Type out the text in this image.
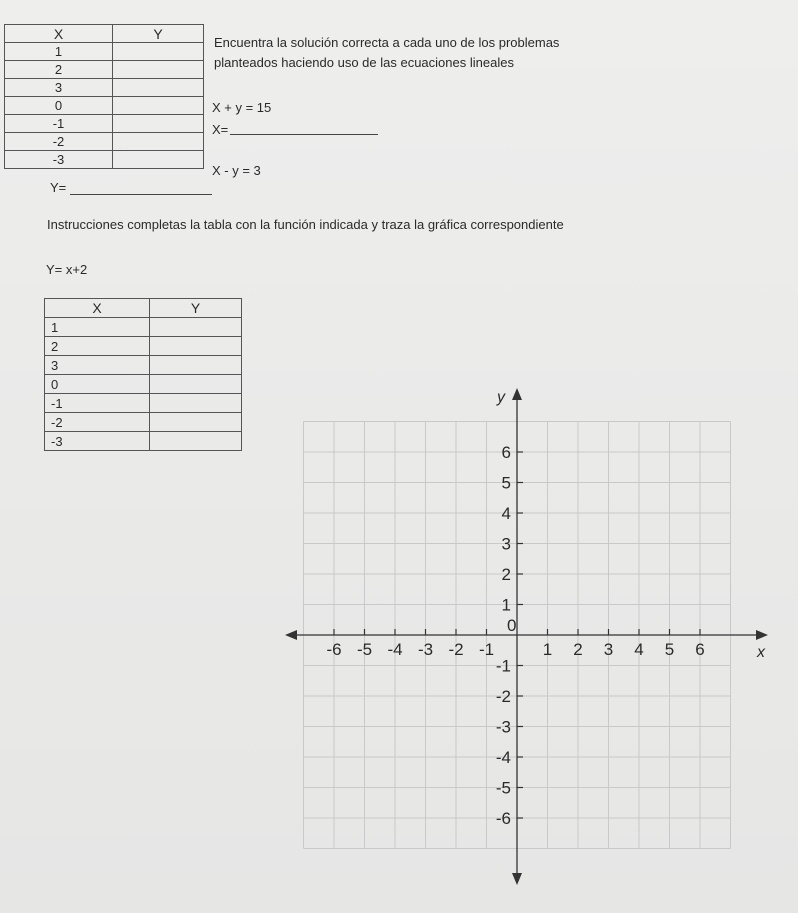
X	Y
1	
2	
3	
0	
-1	
-2	
-3	
Encuentra la solución correcta a cada uno de los problemas
planteados haciendo uso de las ecuaciones lineales
X + y = 15
X=
X - y = 3
Y=
Instrucciones completas la tabla con la función indicada y traza la gráfica correspondiente
Y= x+2
X	Y
1	
2	
3	
0	
-1	
-2	
-3	
-6 -5 -4 -3 -2 -1
0
1 2 3 4 5 6
6
5
4
3
2
1
-1
-2
-3
-4
-5
-6
x
y
